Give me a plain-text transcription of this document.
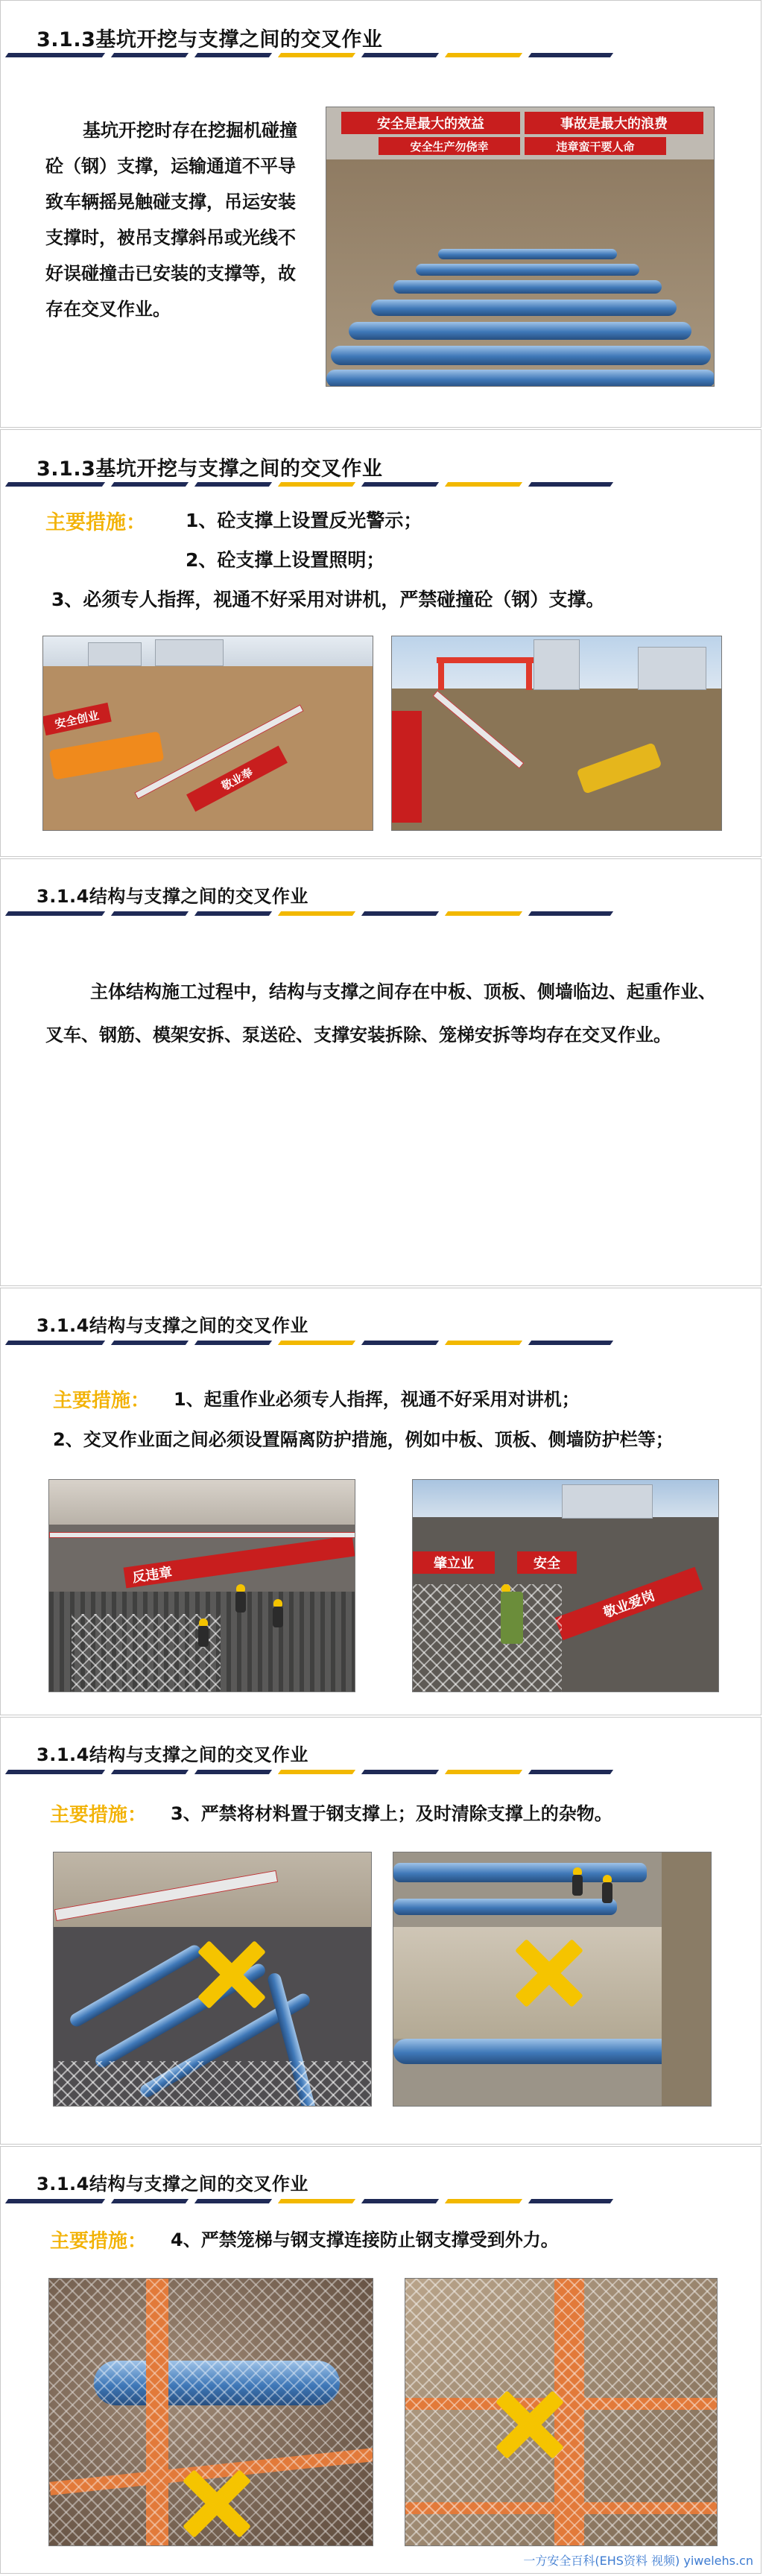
3.1.3基坑开挖与支撑之间的交叉作业
基坑开挖时存在挖掘机碰撞砼（钢）支撑，运输通道不平导致车辆摇晃触碰支撑，吊运安装支撑时，被吊支撑斜吊或光线不好误碰撞击已安装的支撑等，故存在交叉作业。
安全是最大的效益	事故是最大的浪费
安全生产勿侥幸	违章蛮干要人命
3.1.3基坑开挖与支撑之间的交叉作业
主要措施： 1、砼支撑上设置反光警示；
2、砼支撑上设置照明；
3、必须专人指挥，视通不好采用对讲机，严禁碰撞砼（钢）支撑。
安全创业
敬业奉
3.1.4结构与支撑之间的交叉作业
主体结构施工过程中，结构与支撑之间存在中板、顶板、侧墙临边、起重作业、叉车、钢筋、模架安拆、泵送砼、支撑安装拆除、笼梯安拆等均存在交叉作业。
3.1.4结构与支撑之间的交叉作业
主要措施： 1、起重作业必须专人指挥，视通不好采用对讲机；
2、交叉作业面之间必须设置隔离防护措施，例如中板、顶板、侧墙防护栏等；
反违章
肇立业	安全
敬业爱岗
3.1.4结构与支撑之间的交叉作业
主要措施： 3、严禁将材料置于钢支撑上；及时清除支撑上的杂物。
3.1.4结构与支撑之间的交叉作业
主要措施： 4、严禁笼梯与钢支撑连接防止钢支撑受到外力。
一方安全百科(EHS资料 视频) yiwelehs.cn
